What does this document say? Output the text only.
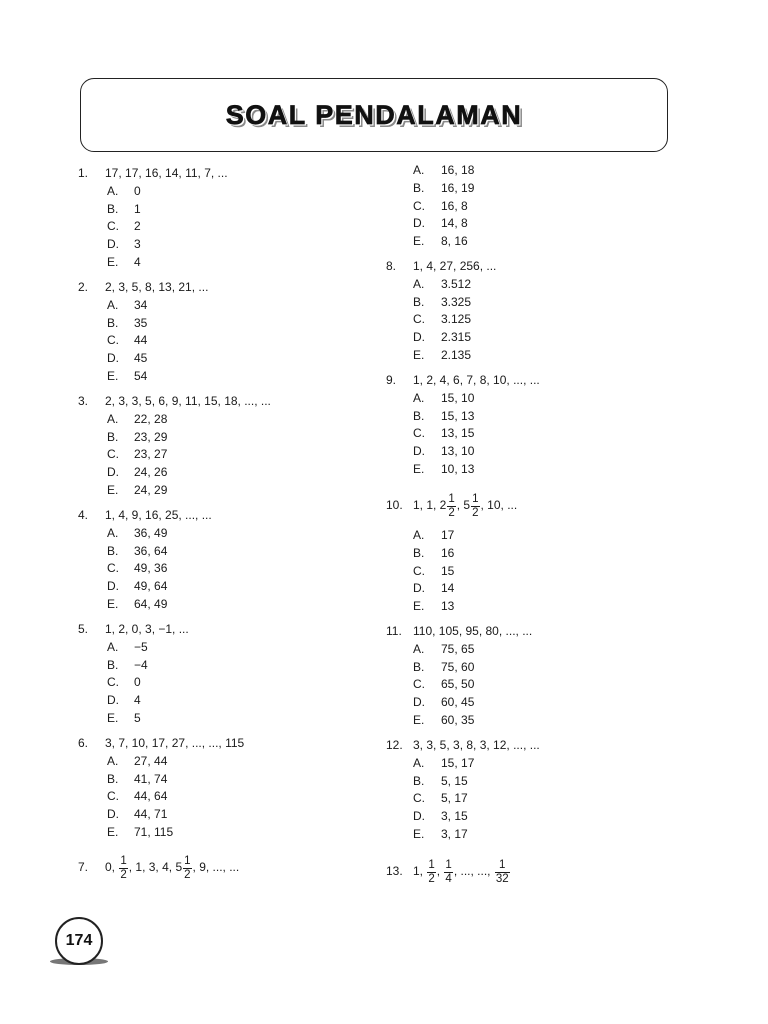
SOAL PENDALAMAN
1.	17, 17, 16, 14, 11, 7, ...
A.	0
B.	1
C.	2
D.	3
E.	4
2.	2, 3, 5, 8, 13, 21, ...
A.	34
B.	35
C.	44
D.	45
E.	54
3.	2, 3, 3, 5, 6, 9, 11, 15, 18, ..., ...
A.	22, 28
B.	23, 29
C.	23, 27
D.	24, 26
E.	24, 29
4.	1, 4, 9, 16, 25, ..., ...
A.	36, 49
B.	36, 64
C.	49, 36
D.	49, 64
E.	64, 49
5.	1, 2, 0, 3, −1, ...
A.	−5
B.	−4
C.	0
D.	4
E.	5
6.	3, 7, 10, 17, 27, ..., ..., 115
A.	27, 44
B.	41, 74
C.	44, 64
D.	44, 71
E.	71, 115
7.	0, $\frac{1}{2}$ , 1, 3, 4, $5 \frac{1}{2}$ , 9, ..., ...
A.	16, 18
B.	16, 19
C.	16, 8
D.	14, 8
E.	8, 16
8.	1, 4, 27, 256, ...
A.	3.512
B.	3.325
C.	3.125
D.	2.315
E.	2.135
9.	1, 2, 4, 6, 7, 8, 10, ..., ...
A.	15, 10
B.	15, 13
C.	13, 15
D.	13, 10
E.	10, 13
10. 1, 1, $2 \frac{1}{2}$ , $5 \frac{1}{2}$ , 10, ...
A.	17
B.	16
C.	15
D.	14
E.	13
11. 110, 105, 95, 80, ..., ...
A.	75, 65
B.	75, 60
C.	65, 50
D.	60, 45
E.	60, 35
12. 3, 3, 5, 3, 8, 3, 12, ..., ...
A.	15, 17
B.	5, 15
C.	5, 17
D.	3, 15
E.	3, 17
13. 1, $\frac{1}{2}$ , $\frac{1}{4}$ , ..., ..., $\frac{1}{32}$
174
